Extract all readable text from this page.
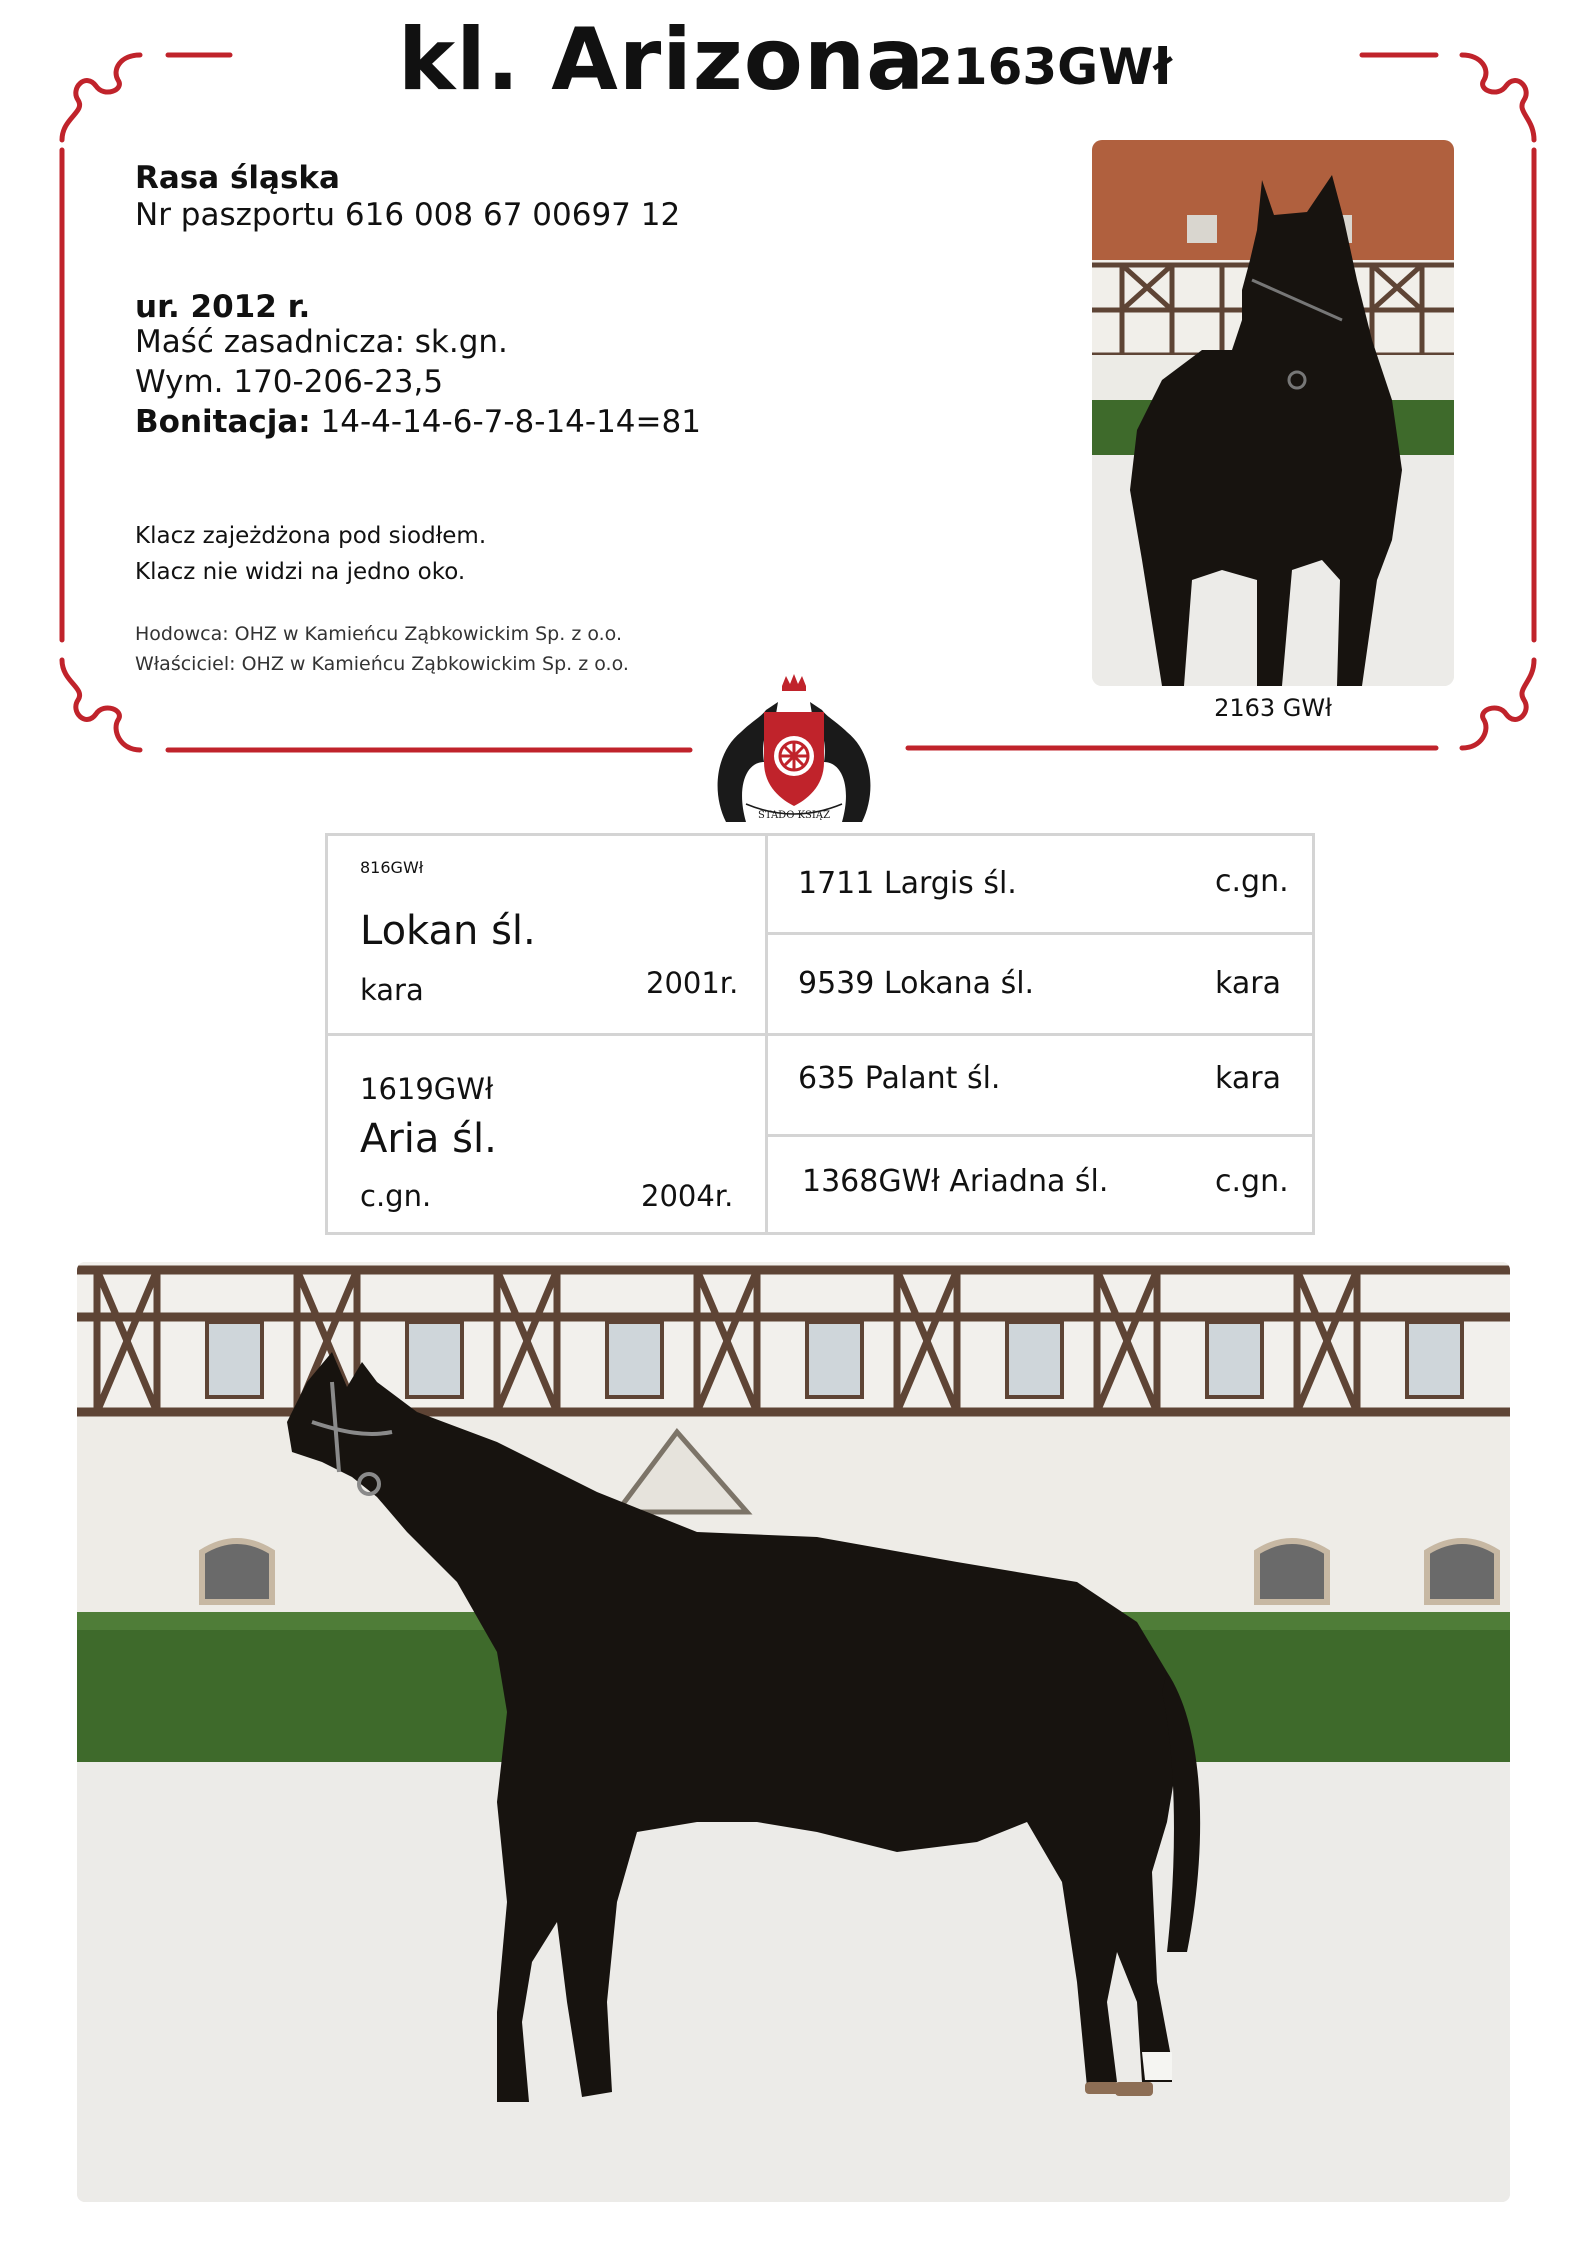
kl. Arizona
2163GWł
Rasa śląska
Nr paszportu 616 008 67 00697 12
ur. 2012 r.
Maść zasadnicza: sk.gn.
Wym. 170-206-23,5
Bonitacja: 14-4-14-6-7-8-14-14=81
Klacz zajeżdżona pod siodłem.
Klacz nie widzi na jedno oko.
Hodowca: OHZ w Kamieńcu Ząbkowickim Sp. z o.o.
Właściciel: OHZ w Kamieńcu Ząbkowickim Sp. z o.o.
2163 GWł
STADO KSIĄŻ
816GWł
Lokan śl.
kara	2001r.
1619GWł
Aria śl.
c.gn.	2004r.
1711 Largis śl.	c.gn.
9539 Lokana śl.	kara
635 Palant śl.	kara
1368GWł Ariadna śl.	c.gn.
